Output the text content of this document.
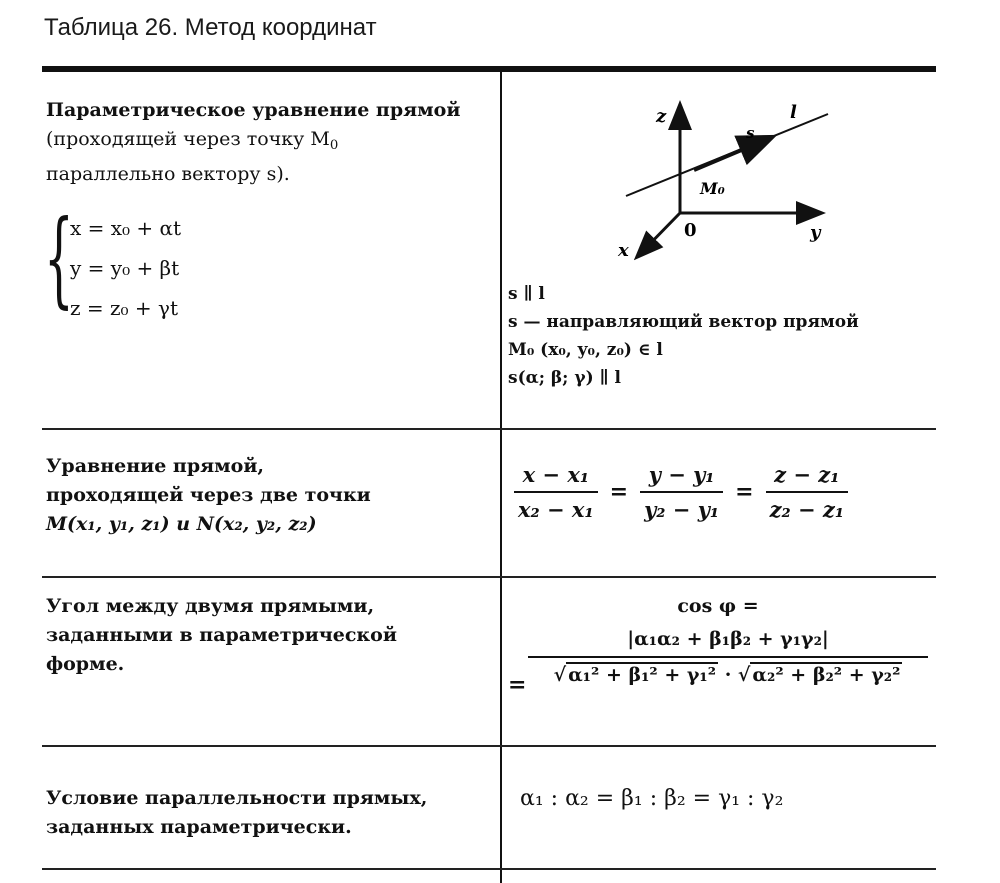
Таблица 26. Метод координат
Параметрическое уравнение прямой (проходящей через точку $M_0$
параллельно вектору s).
{
x = x₀ + αt
y = y₀ + βt
z = z₀ + γt
z
y
x
0
l
s
M₀
s ∥ l
s — направляющий вектор прямой
M₀ (x₀, y₀, z₀) ∈ l
s(α; β; γ) ∥ l
Уравнение прямой,
проходящей через две точки
M(x₁, y₁, z₁) и N(x₂, y₂, z₂)
$\frac{\text{x − x₁}}{\text{x₂ − x₁}} = \frac{\text{y − y₁}}{\text{y₂ − y₁}} = \frac{\text{z − z₁}}{\text{z₂ − z₁}}$
Угол между двумя прямыми,
заданными в параметрической
форме.
cos φ =
= $\frac{\text{|α₁α₂ + β₁β₂ + γ₁γ₂|}}{\text{√ α₁² + β₁² + γ₁² · √ α₂² + β₂² + γ₂²}}$
Условие параллельности прямых,
заданных параметрически.
α₁ : α₂ = β₁ : β₂ = γ₁ : γ₂
